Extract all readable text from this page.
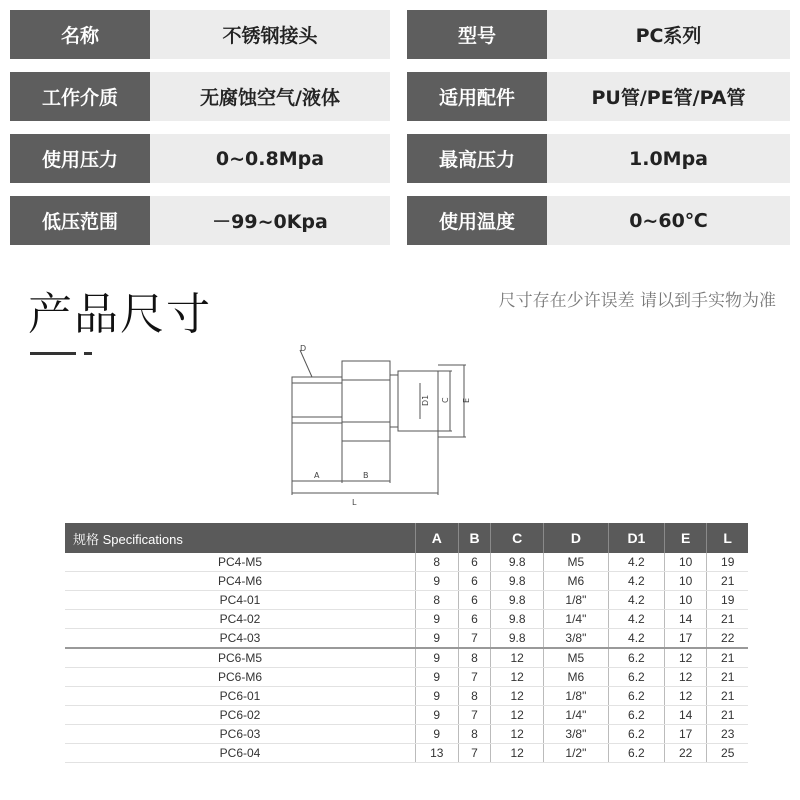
名称	不锈钢接头	型号	PC系列
工作介质	无腐蚀空气/液体	适用配件	PU管/PE管/PA管
使用压力	0~0.8Mpa	最高压力	1.0Mpa
低压范围	－99~0Kpa	使用温度	0~60℃
产品尺寸	尺寸存在少许误差 请以到手实物为准
D
D1 C E
A	B
L
规格 Specifications	A	B	C	D	D1	E	L
PC4-M5	8	6	9.8	M5	4.2	10	19
PC4-M6	9	6	9.8	M6	4.2	10	21
PC4-01	8	6	9.8	1/8"	4.2	10	19
PC4-02	9	6	9.8	1/4"	4.2	14	21
PC4-03	9	7	9.8	3/8"	4.2	17	22
PC6-M5	9	8	12	M5	6.2	12	21
PC6-M6	9	7	12	M6	6.2	12	21
PC6-01	9	8	12	1/8"	6.2	12	21
PC6-02	9	7	12	1/4"	6.2	14	21
PC6-03	9	8	12	3/8"	6.2	17	23
PC6-04	13	7	12	1/2"	6.2	22	25
